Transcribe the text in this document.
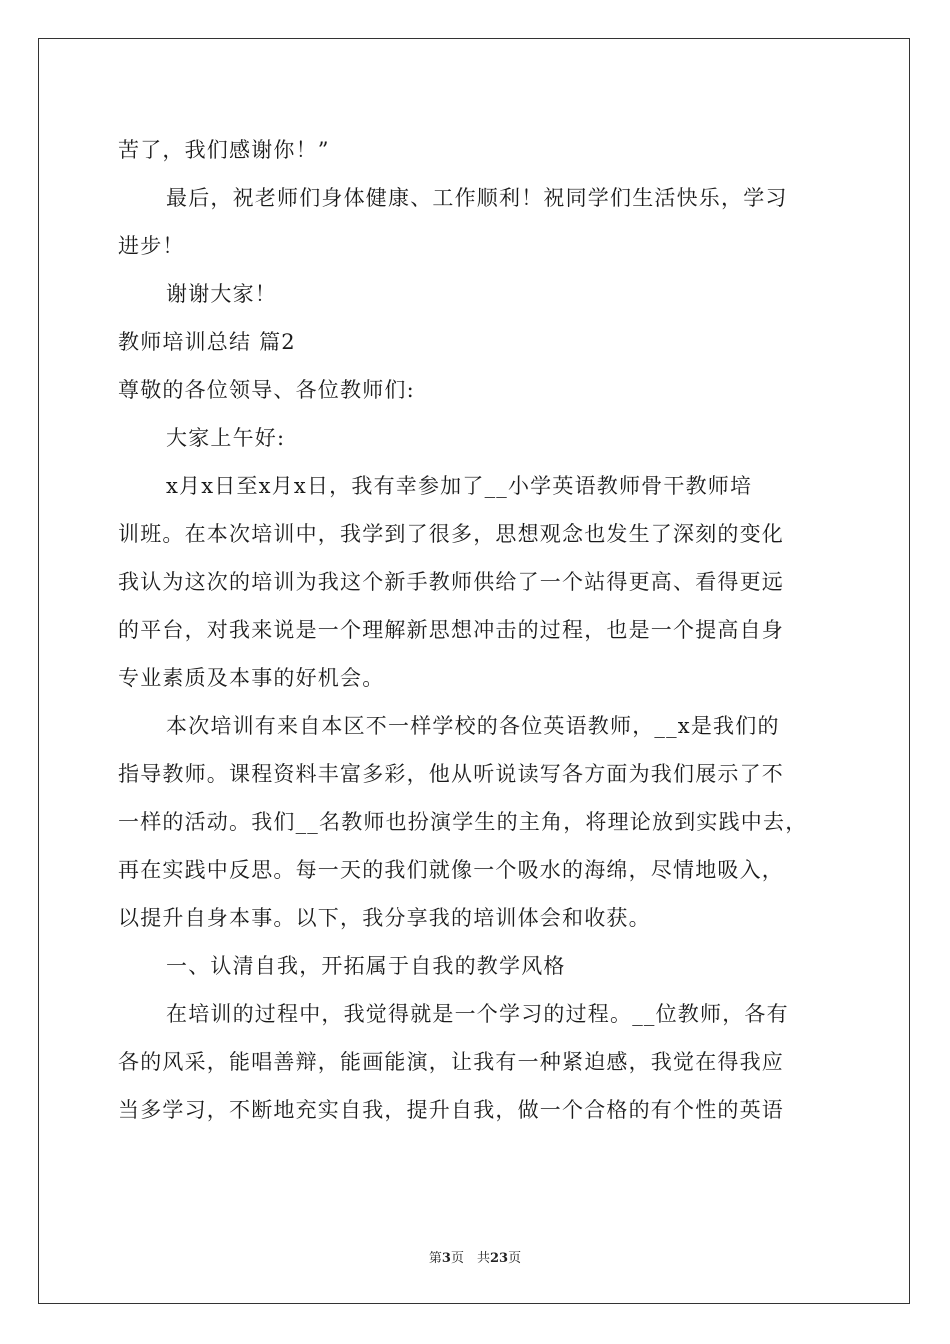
苦了，我们感谢你！”
最后，祝老师们身体健康、工作顺利！祝同学们生活快乐，学习
进步！
谢谢大家！
教师培训总结 篇2
尊敬的各位领导、各位教师们:
大家上午好:
x月x日至x月x日，我有幸参加了__小学英语教师骨干教师培
训班。在本次培训中，我学到了很多，思想观念也发生了深刻的变化
我认为这次的培训为我这个新手教师供给了一个站得更高、看得更远
的平台，对我来说是一个理解新思想冲击的过程，也是一个提高自身
专业素质及本事的好机会。
本次培训有来自本区不一样学校的各位英语教师，__x是我们的
指导教师。课程资料丰富多彩，他从听说读写各方面为我们展示了不
一样的活动。我们__名教师也扮演学生的主角，将理论放到实践中去，
再在实践中反思。每一天的我们就像一个吸水的海绵，尽情地吸入，
以提升自身本事。以下，我分享我的培训体会和收获。
一、认清自我，开拓属于自我的教学风格
在培训的过程中，我觉得就是一个学习的过程。__位教师，各有
各的风采，能唱善辩，能画能演，让我有一种紧迫感，我觉在得我应
当多学习，不断地充实自我，提升自我，做一个合格的有个性的英语
第3页　共23页
